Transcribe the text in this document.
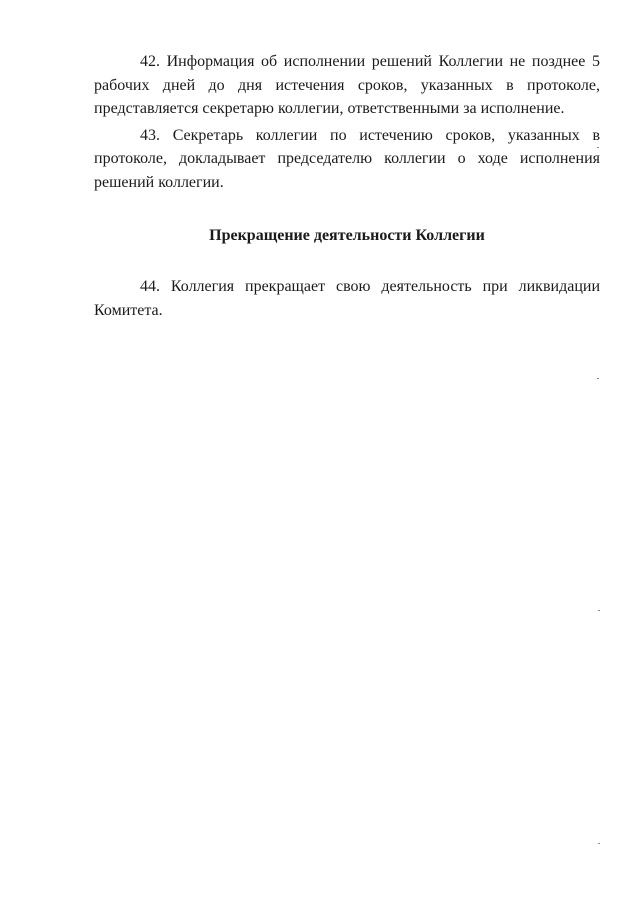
42. Информация об исполнении решений Коллегии не позднее 5 рабочих дней до дня истечения сроков, указанных в протоколе, представляется секретарю коллегии, ответственными за исполнение.

43. Секретарь коллегии по истечению сроков, указанных в протоколе, докладывает председателю коллегии о ходе исполнения решений коллегии.

Прекращение деятельности Коллегии

44. Коллегия прекращает свою деятельность при ликвидации Комитета.
